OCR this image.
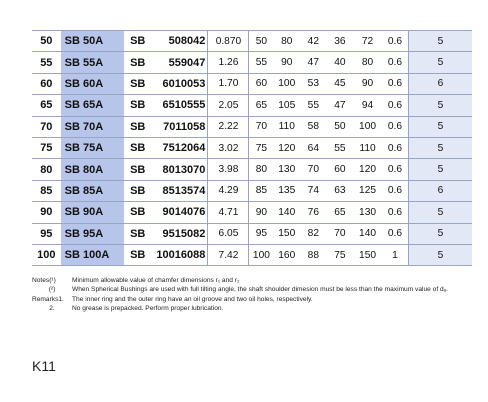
50	SB 50A	SB 508042	0.870	50	80	42	36	72	0.6	5
55	SB 55A	SB 559047	1.26	55	90	47	40	80	0.6	5
60	SB 60A	SB 6010053	1.70	60	100	53	45	90	0.6	6
65	SB 65A	SB 6510555	2.05	65	105	55	47	94	0.6	5
70	SB 70A	SB 7011058	2.22	70	110	58	50	100	0.6	5
75	SB 75A	SB 7512064	3.02	75	120	64	55	110	0.6	5
80	SB 80A	SB 8013070	3.98	80	130	70	60	120	0.6	5
85	SB 85A	SB 8513574	4.29	85	135	74	63	125	0.6	6
90	SB 90A	SB 9014076	4.71	90	140	76	65	130	0.6	5
95	SB 95A	SB 9515082	6.05	95	150	82	70	140	0.6	5
100	SB 100A	SB 10016088	7.42	100	160	88	75	150	1	5
Notes(¹)	Minimum allowable value of chamfer dimensions r₁ and r₂
(²)	When Spherical Bushings are used with full tilting angle, the shaft shoulder dimesion must be less than the maximum value of dₐ.
Remarks1.	The inner ring and the outer ring have an oil groove and two oil holes, respectively.
2.	No grease is prepacked. Perform proper lubrication.
K11
